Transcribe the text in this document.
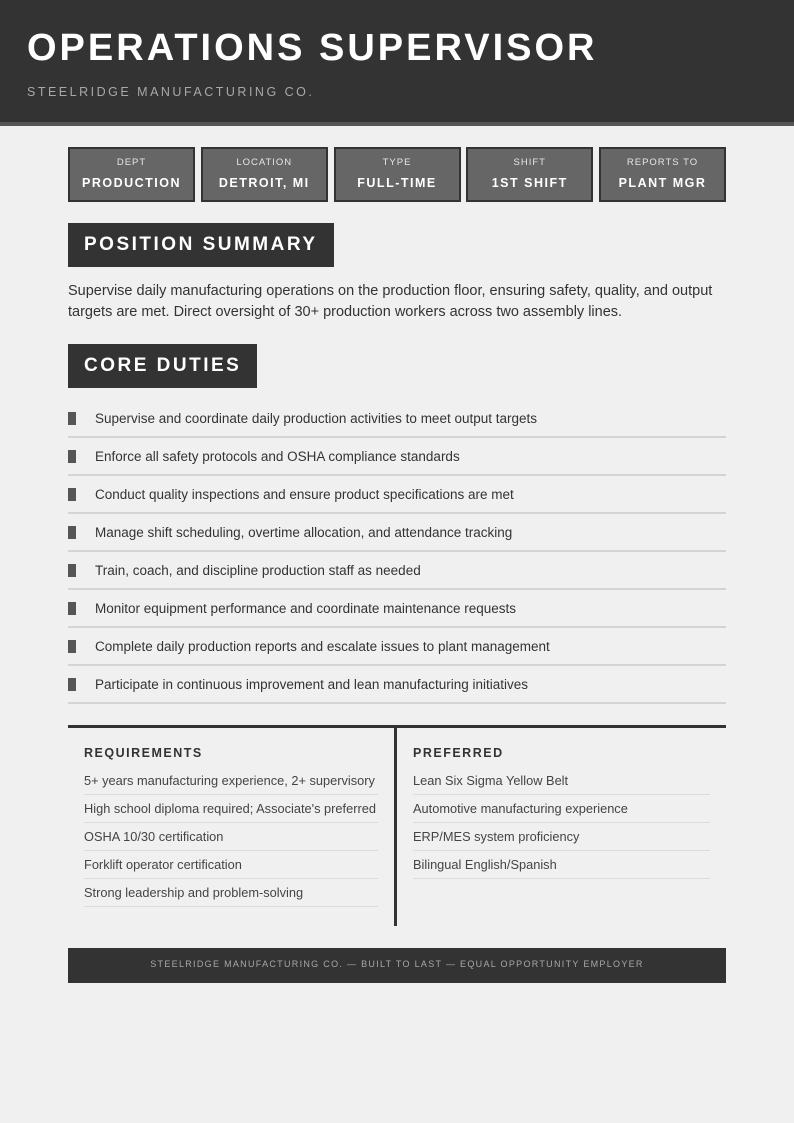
OPERATIONS SUPERVISOR
STEELRIDGE MANUFACTURING CO.
DEPT
PRODUCTION
LOCATION
DETROIT, MI
TYPE
FULL-TIME
SHIFT
1ST SHIFT
REPORTS TO
PLANT MGR
POSITION SUMMARY

Supervise daily manufacturing operations on the production floor, ensuring safety, quality, and output targets are met. Direct oversight of 30+ production workers across two assembly lines.

CORE DUTIES
Supervise and coordinate daily production activities to meet output targets
Enforce all safety protocols and OSHA compliance standards
Conduct quality inspections and ensure product specifications are met
Manage shift scheduling, overtime allocation, and attendance tracking
Train, coach, and discipline production staff as needed
Monitor equipment performance and coordinate maintenance requests
Complete daily production reports and escalate issues to plant management
Participate in continuous improvement and lean manufacturing initiatives
REQUIREMENTS
5+ years manufacturing experience, 2+ supervisory
High school diploma required; Associate's preferred
OSHA 10/30 certification
Forklift operator certification
Strong leadership and problem-solving
PREFERRED
Lean Six Sigma Yellow Belt
Automotive manufacturing experience
ERP/MES system proficiency
Bilingual English/Spanish
STEELRIDGE MANUFACTURING CO. — BUILT TO LAST — EQUAL OPPORTUNITY EMPLOYER
